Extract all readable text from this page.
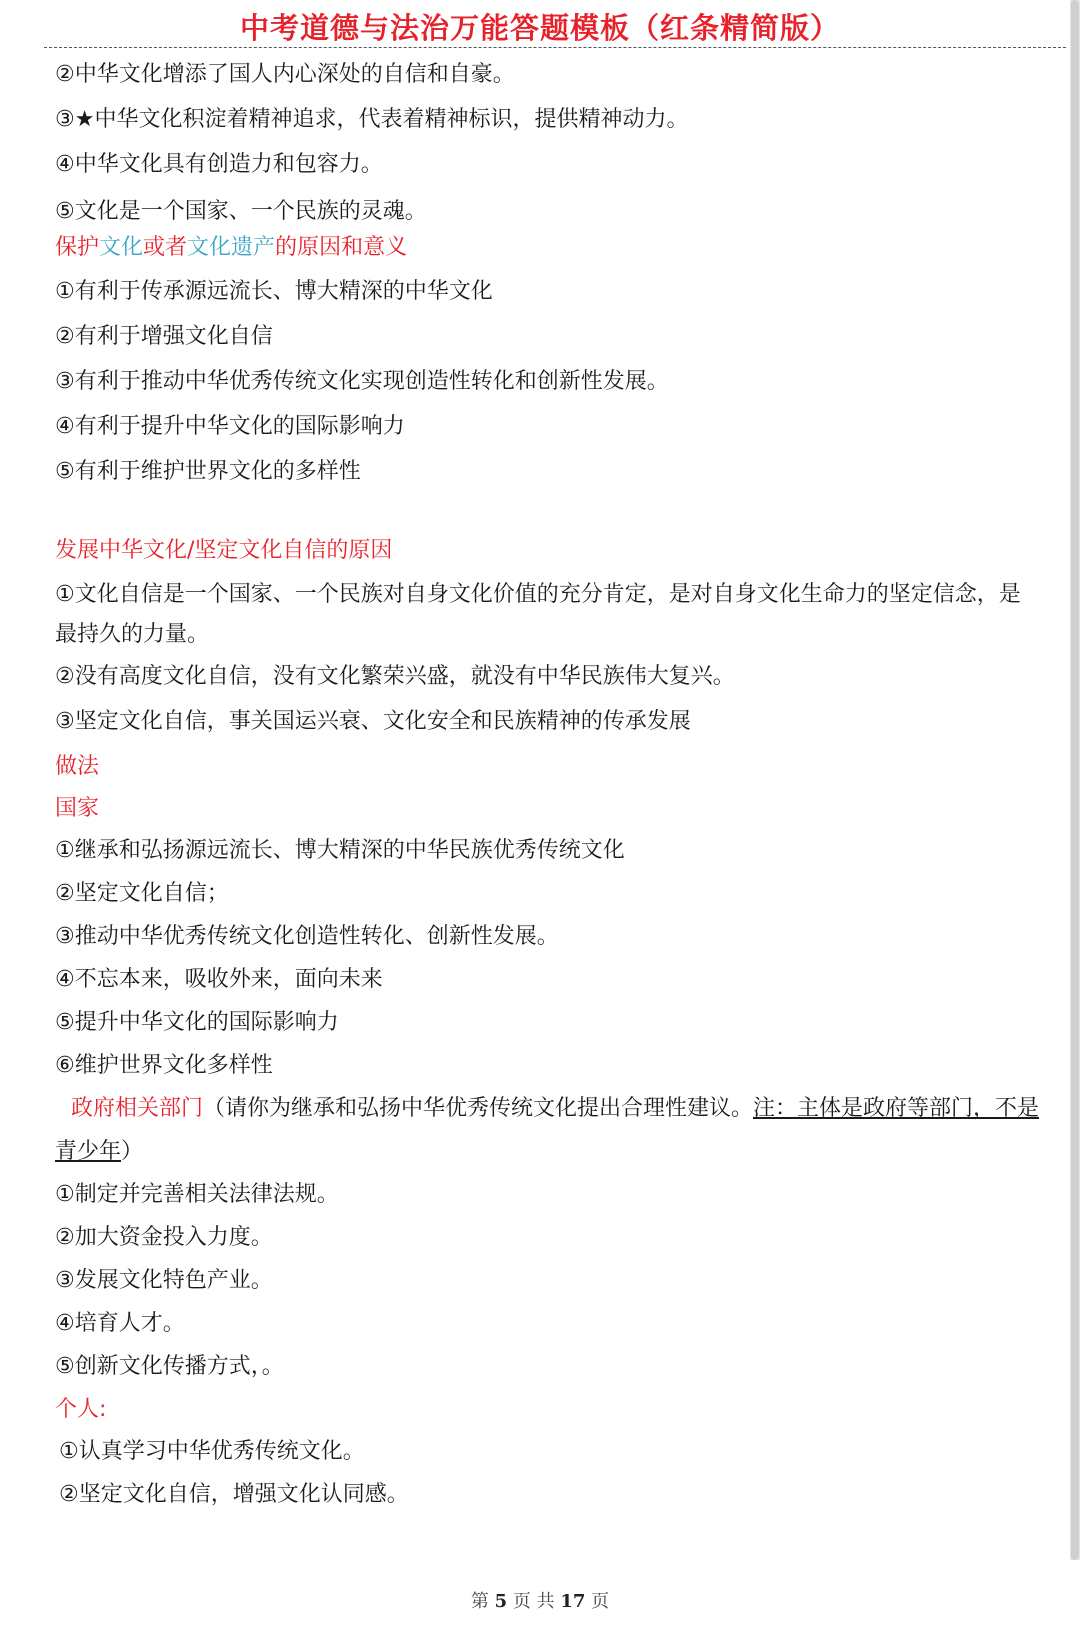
中考道德与法治万能答题模板（红条精简版）
②中华文化增添了国人内心深处的自信和自豪。
③★中华文化积淀着精神追求，代表着精神标识，提供精神动力。
④中华文化具有创造力和包容力。
⑤文化是一个国家、一个民族的灵魂。
保护文化或者文化遗产的原因和意义
①有利于传承源远流长、博大精深的中华文化
②有利于增强文化自信
③有利于推动中华优秀传统文化实现创造性转化和创新性发展。
④有利于提升中华文化的国际影响力
⑤有利于维护世界文化的多样性
发展中华文化/坚定文化自信的原因
①文化自信是一个国家、一个民族对自身文化价值的充分肯定，是对自身文化生命力的坚定信念，是
最持久的力量。
②没有高度文化自信，没有文化繁荣兴盛，就没有中华民族伟大复兴。
③坚定文化自信，事关国运兴衰、文化安全和民族精神的传承发展
做法
国家
①继承和弘扬源远流长、博大精深的中华民族优秀传统文化
②坚定文化自信；
③推动中华优秀传统文化创造性转化、创新性发展。
④不忘本来，吸收外来，面向未来
⑤提升中华文化的国际影响力
⑥维护世界文化多样性
政府相关部门（请你为继承和弘扬中华优秀传统文化提出合理性建议。注：主体是政府等部门，不是
青少年）
①制定并完善相关法律法规。
②加大资金投入力度。
③发展文化特色产业。
④培育人才。
⑤创新文化传播方式，。
个人:
①认真学习中华优秀传统文化。
②坚定文化自信，增强文化认同感。
第 5 页 共 17 页
